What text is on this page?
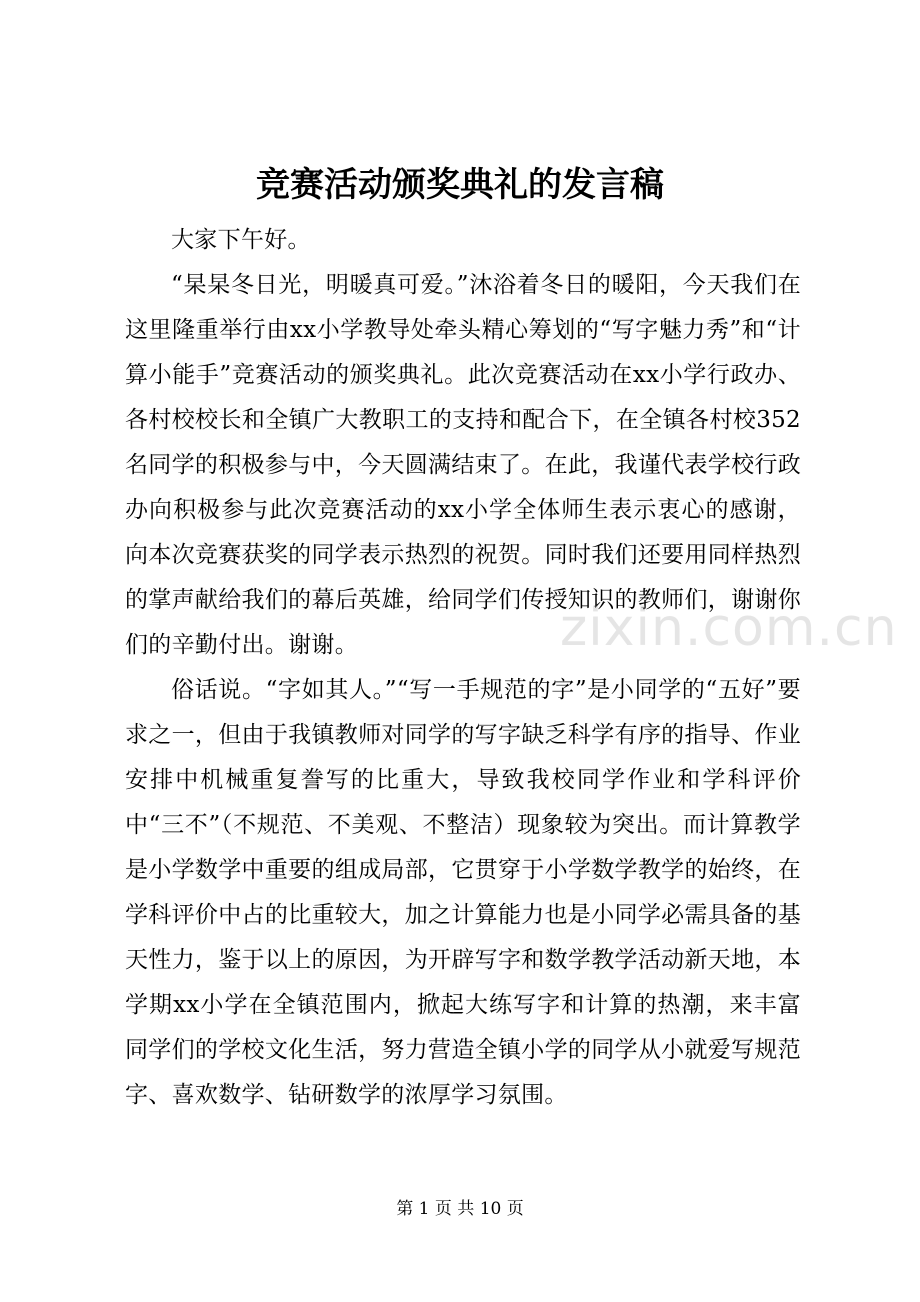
竞赛活动颁奖典礼的发言稿

大家下午好。

“杲杲冬日光，明暖真可爱。”沐浴着冬日的暖阳，今天我们在这里隆重举行由xx小学教导处牵头精心筹划的“写字魅力秀”和“计算小能手”竞赛活动的颁奖典礼。此次竞赛活动在xx小学行政办、各村校校长和全镇广大教职工的支持和配合下，在全镇各村校352名同学的积极参与中，今天圆满结束了。在此，我谨代表学校行政办向积极参与此次竞赛活动的xx小学全体师生表示衷心的感谢，向本次竞赛获奖的同学表示热烈的祝贺。同时我们还要用同样热烈的掌声献给我们的幕后英雄，给同学们传授知识的教师们，谢谢你们的辛勤付出。谢谢。

俗话说。“字如其人。”“写一手规范的字”是小同学的“五好”要求之一，但由于我镇教师对同学的写字缺乏科学有序的指导、作业安排中机械重复誊写的比重大，导致我校同学作业和学科评价中“三不”（不规范、不美观、不整洁）现象较为突出。而计算教学是小学数学中重要的组成局部，它贯穿于小学数学教学的始终，在学科评价中占的比重较大，加之计算能力也是小同学必需具备的基天性力，鉴于以上的原因，为开辟写字和数学教学活动新天地，本学期xx小学在全镇范围内，掀起大练写字和计算的热潮，来丰富同学们的学校文化生活，努力营造全镇小学的同学从小就爱写规范字、喜欢数学、钻研数学的浓厚学习氛围。

zixin.com.cn
第 1 页 共 10 页
